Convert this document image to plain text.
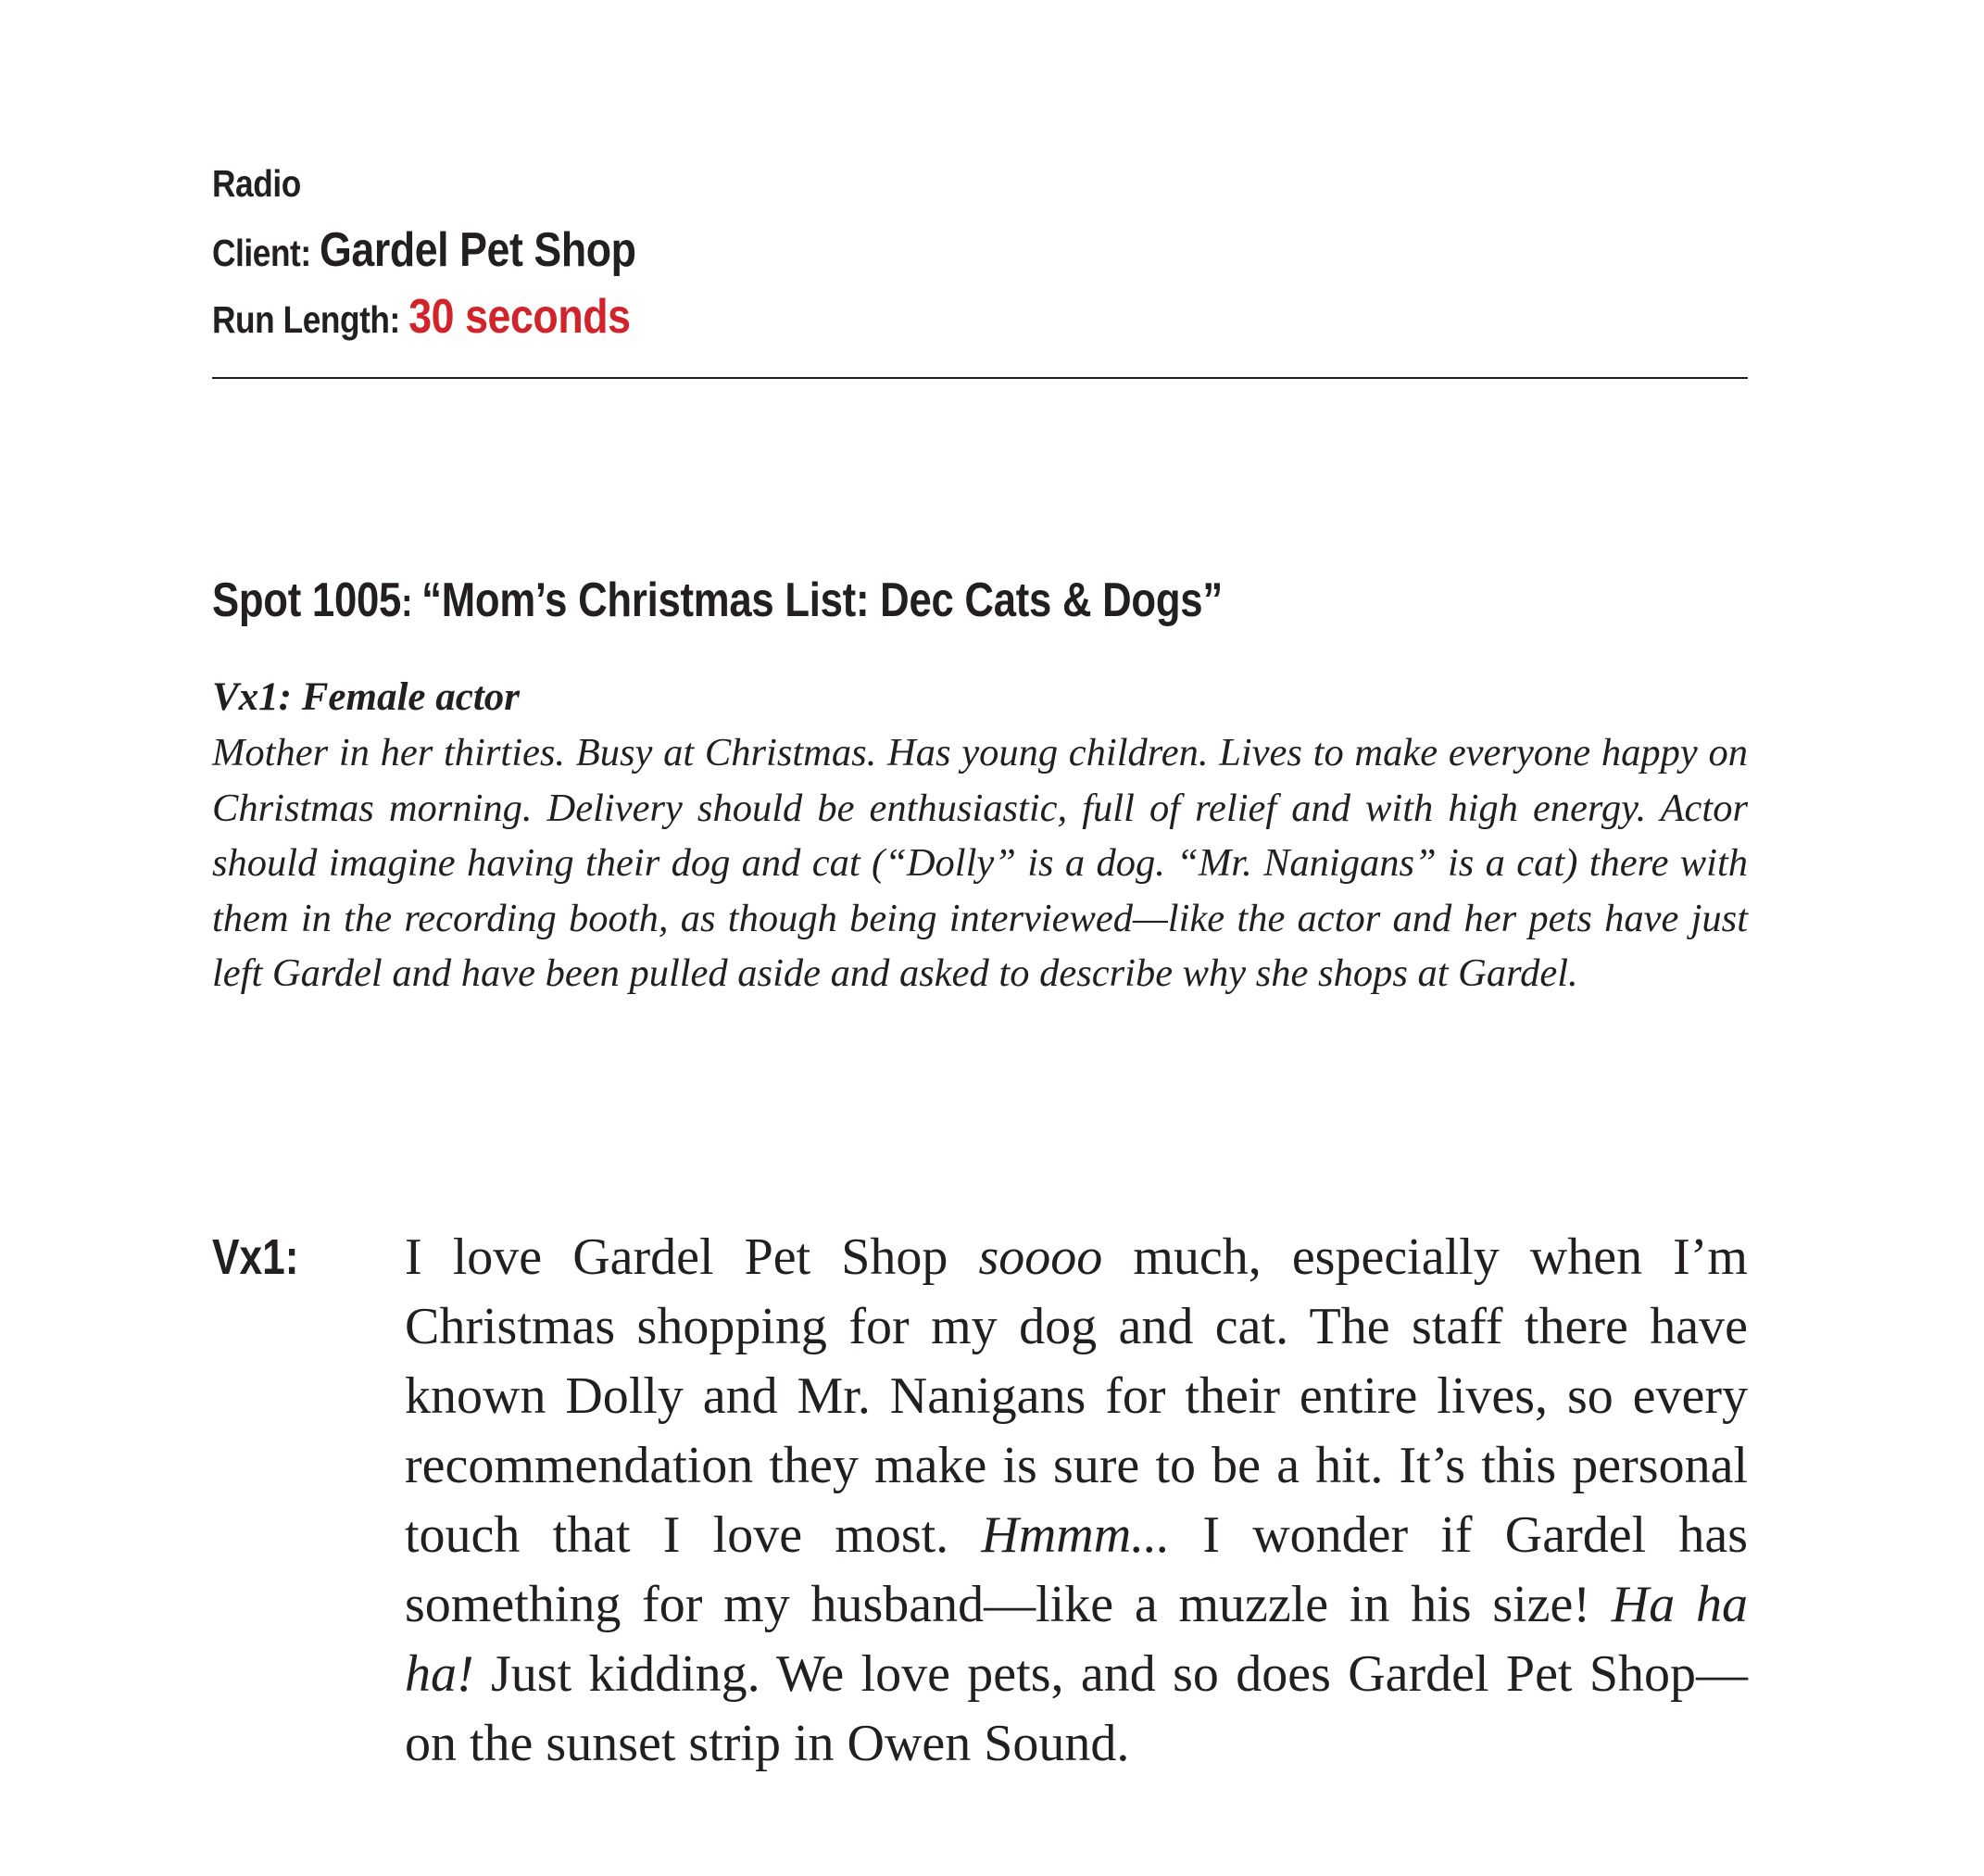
Radio
Client: Gardel Pet Shop
Run Length: 30 seconds
Spot 1005: “Mom’s Christmas List: Dec Cats & Dogs”
Vx1: Female actor
Mother in her thirties. Busy at Christmas. Has young children. Lives to make everyone happy on Christmas morning. Delivery should be enthusiastic, full of relief and with high energy. Actor should imagine having their dog and cat (“Dolly” is a dog. “Mr. Nanigans” is a cat) there with them in the recording booth, as though being interviewed—like the actor and her pets have just left Gardel and have been pulled aside and asked to describe why she shops at Gardel.
Vx1: I love Gardel Pet Shop soooo much, especially when I’m Christmas shopping for my dog and cat. The staff there have known Dolly and Mr. Nanigans for their entire lives, so every recommendation they make is sure to be a hit. It’s this personal touch that I love most. Hmmm... I wonder if Gardel has something for my husband—like a muzzle in his size! Ha ha ha! Just kidding. We love pets, and so does Gardel Pet Shop—on the sunset strip in Owen Sound.
